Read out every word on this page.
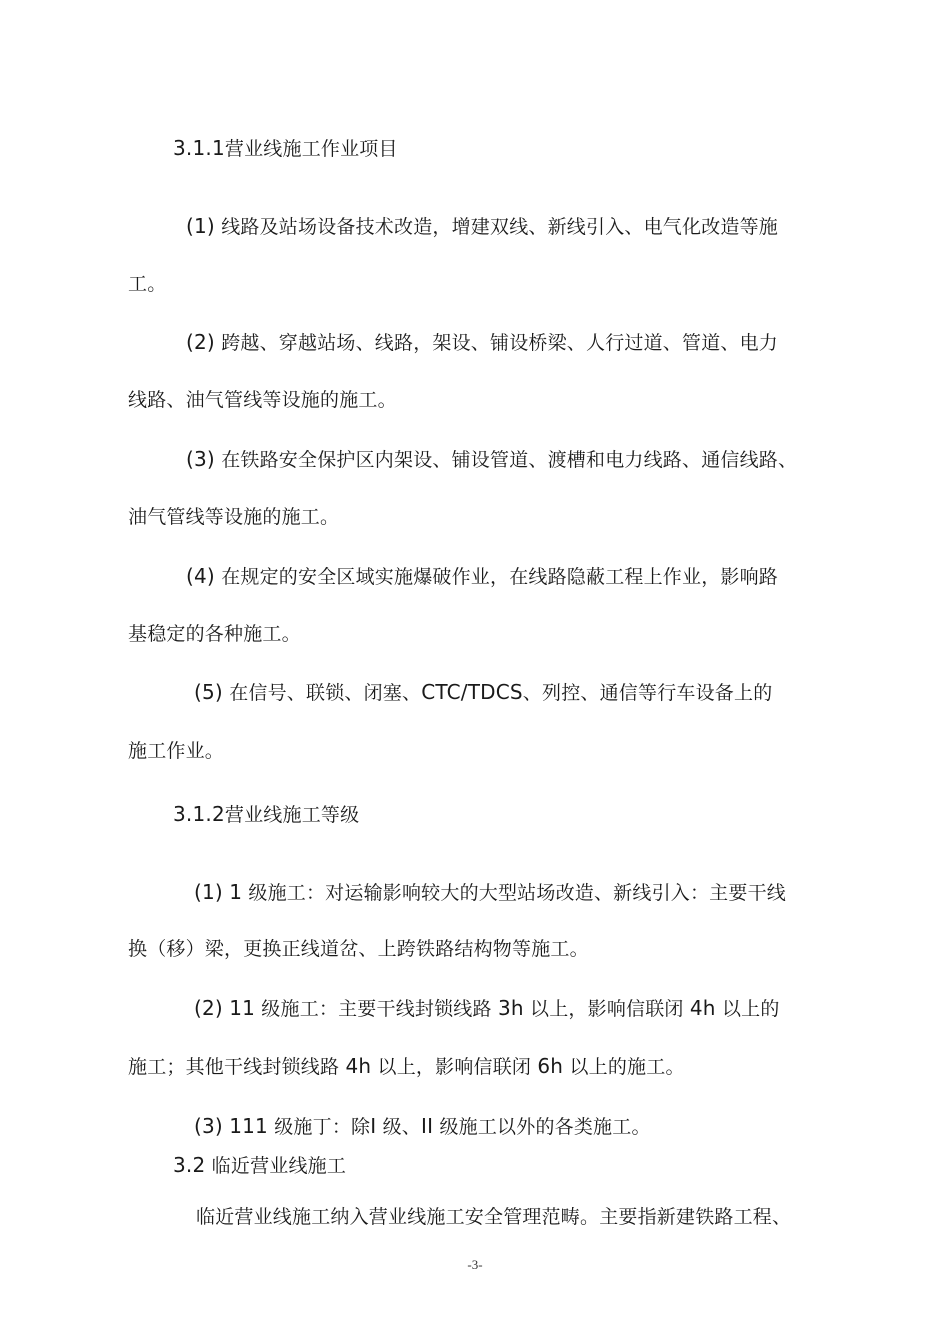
3.1.1营业线施工作业项目
(1) 线路及站场设备技术改造，增建双线、新线引入、电气化改造等施
工。
(2) 跨越、穿越站场、线路，架设、铺设桥梁、人行过道、管道、电力
线路、油气管线等设施的施工。
(3) 在铁路安全保护区内架设、铺设管道、渡槽和电力线路、通信线路、
油气管线等设施的施工。
(4) 在规定的安全区域实施爆破作业，在线路隐蔽工程上作业，影响路
基稳定的各种施工。
(5) 在信号、联锁、闭塞、CTC/TDCS、列控、通信等行车设备上的
施工作业。
3.1.2营业线施工等级
(1) 1 级施工：对运输影响较大的大型站场改造、新线引入：主要干线
换（移）梁，更换正线道岔、上跨铁路结构物等施工。
(2) 11 级施工：主要干线封锁线路 3h 以上，影响信联闭 4h 以上的
施工；其他干线封锁线路 4h 以上，影响信联闭 6h 以上的施工。
(3) 111 级施丁：除I 级、II 级施工以外的各类施工。
3.2 临近营业线施工
临近营业线施工纳入营业线施工安全管理范畴。主要指新建铁路工程、
-3-
